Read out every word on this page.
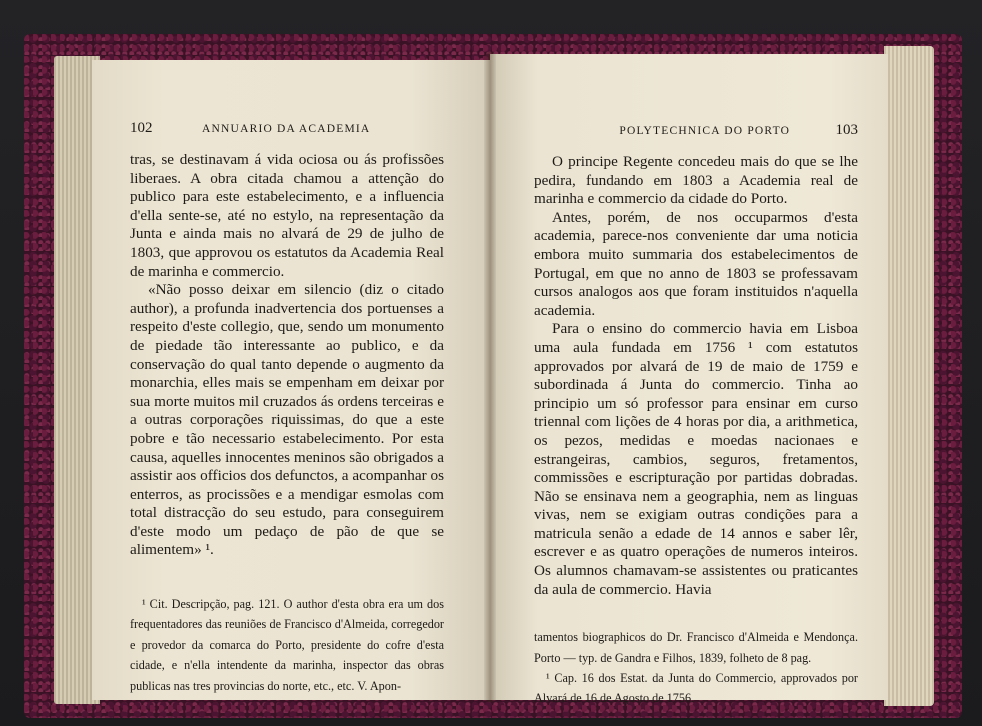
102	ANNUARIO DA ACADEMIA

tras, se destinavam á vida ociosa ou ás profissões liberaes. A obra citada chamou a attenção do publico para este estabelecimento, e a influencia d'ella sente-se, até no estylo, na representação da Junta e ainda mais no alvará de 29 de julho de 1803, que approvou os estatutos da Academia Real de marinha e commercio.

«Não posso deixar em silencio (diz o citado author), a profunda inadvertencia dos portuenses a respeito d'este collegio, que, sendo um monumento de piedade tão interessante ao publico, e da conservação do qual tanto depende o augmento da monarchia, elles mais se empenham em deixar por sua morte muitos mil cruzados ás ordens terceiras e a outras corporações riquissimas, do que a este pobre e tão necessario estabelecimento. Por esta causa, aquelles innocentes meninos são obrigados a assistir aos officios dos defunctos, a acompanhar os enterros, as procissões e a mendigar esmolas com total distracção do seu estudo, para conseguirem d'este modo um pedaço de pão de que se alimentem» ¹.

¹ Cit. Descripção, pag. 121. O author d'esta obra era um dos frequentadores das reuniões de Francisco d'Almeida, corregedor e provedor da comarca do Porto, presidente do cofre d'esta cidade, e n'ella intendente da marinha, inspector das obras publicas nas tres provincias do norte, etc., etc. V. Apon-

POLYTECHNICA DO PORTO	103

O principe Regente concedeu mais do que se lhe pedira, fundando em 1803 a Academia real de marinha e commercio da cidade do Porto.

Antes, porém, de nos occuparmos d'esta academia, parece-nos conveniente dar uma noticia embora muito summaria dos estabelecimentos de Portugal, em que no anno de 1803 se professavam cursos analogos aos que foram instituidos n'aquella academia.

Para o ensino do commercio havia em Lisboa uma aula fundada em 1756 ¹ com estatutos approvados por alvará de 19 de maio de 1759 e subordinada á Junta do commercio. Tinha ao principio um só professor para ensinar em curso triennal com lições de 4 horas por dia, a arithmetica, os pezos, medidas e moedas nacionaes e estrangeiras, cambios, seguros, fretamentos, commissões e escripturação por partidas dobradas. Não se ensinava nem a geographia, nem as linguas vivas, nem se exigiam outras condições para a matricula senão a edade de 14 annos e saber lêr, escrever e as quatro operações de numeros inteiros. Os alumnos chamavam-se assistentes ou praticantes da aula de commercio. Havia

tamentos biographicos do Dr. Francisco d'Almeida e Mendonça. Porto — typ. de Gandra e Filhos, 1839, folheto de 8 pag.

¹ Cap. 16 dos Estat. da Junta do Commercio, approvados por Alvará de 16 de Agosto de 1756.
